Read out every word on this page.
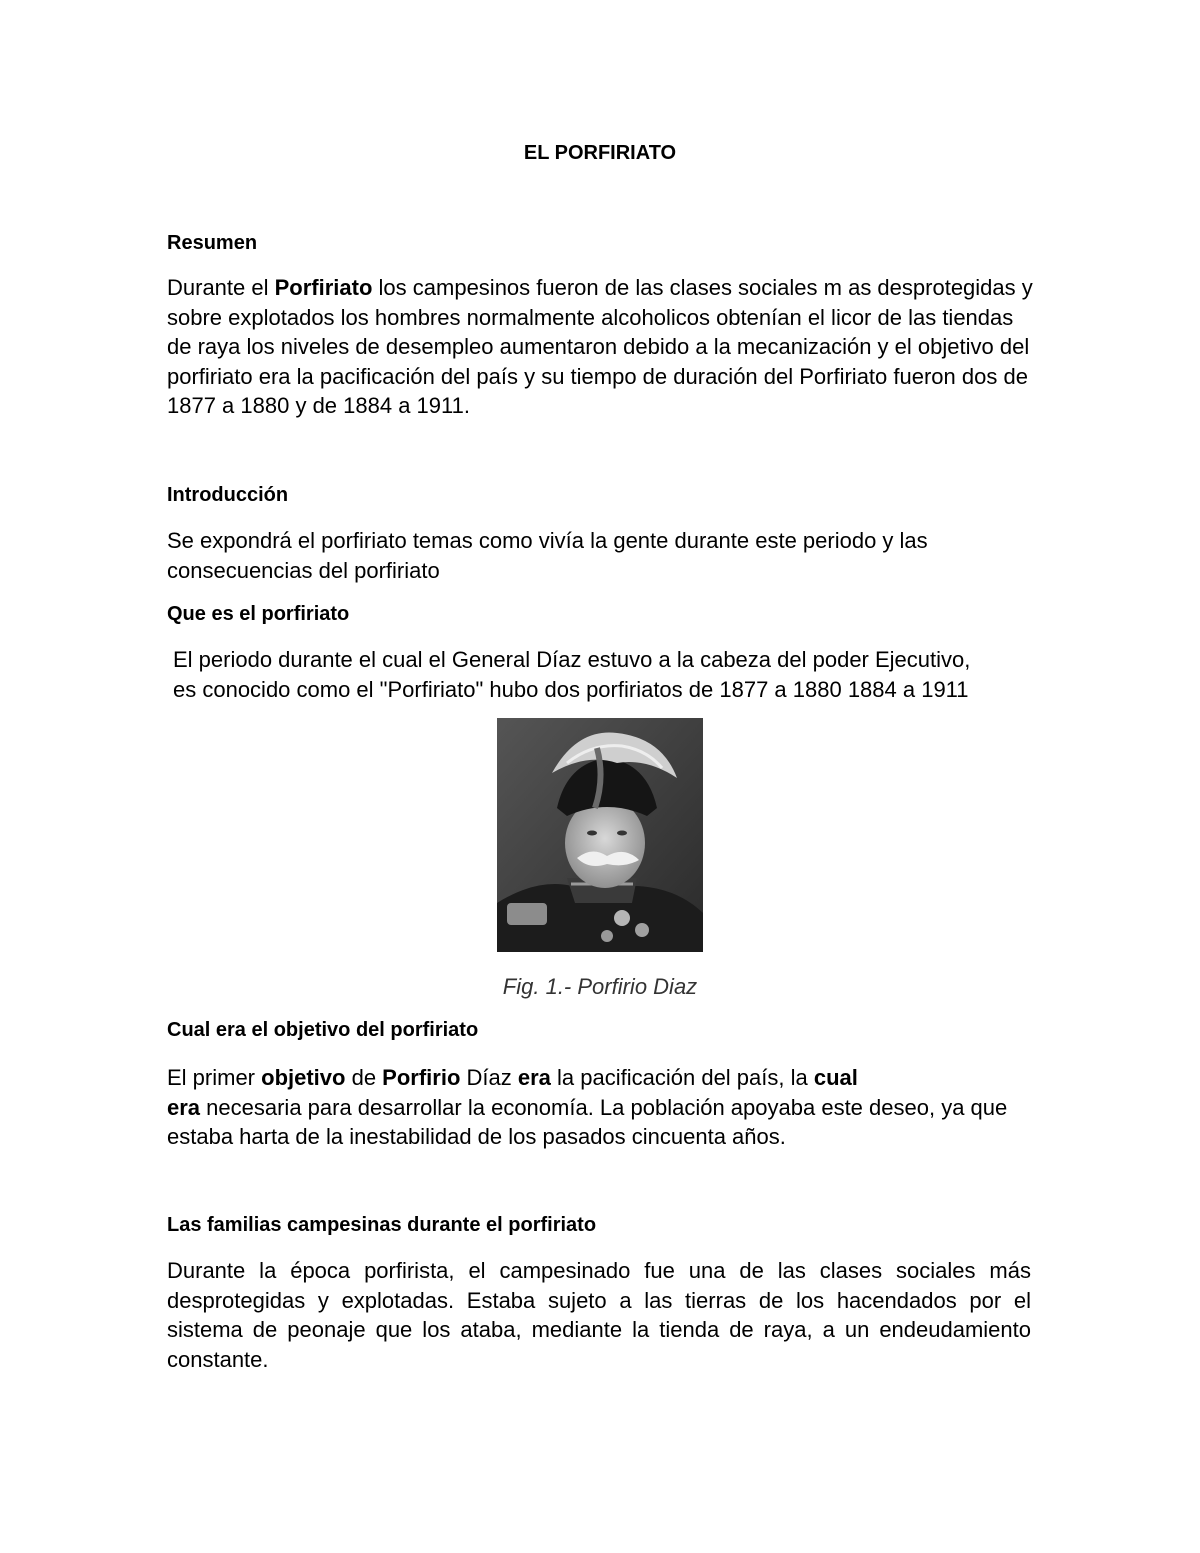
EL PORFIRIATO
Resumen

Durante el Porfiriato los campesinos fueron de las clases sociales m as desprotegidas y sobre explotados los hombres normalmente alcoholicos obtenían el licor de las tiendas de raya los niveles de desempleo aumentaron debido a la mecanización y el objetivo del porfiriato era la pacificación del país y su tiempo de duración del Porfiriato fueron dos de 1877 a 1880 y de 1884 a 1911.

Introducción

Se expondrá el porfiriato temas como vivía la gente durante este periodo y las consecuencias del porfiriato

Que es el porfiriato
El periodo durante el cual el General Díaz estuvo a la cabeza del poder Ejecutivo,
es conocido como el "Porfiriato" hubo dos porfiriatos de 1877 a 1880 1884 a 1911
Fig. 1.- Porfirio Diaz
Cual era el objetivo del porfiriato
El primer objetivo de Porfirio Díaz era la pacificación del país, la cual
era necesaria para desarrollar la economía. La población apoyaba este deseo, ya que estaba harta de la inestabilidad de los pasados cincuenta años.
Las familias campesinas durante el porfiriato

Durante la época porfirista, el campesinado fue una de las clases sociales más desprotegidas y explotadas. Estaba sujeto a las tierras de los hacendados por el sistema de peonaje que los ataba, mediante la tienda de raya, a un endeudamiento constante.
